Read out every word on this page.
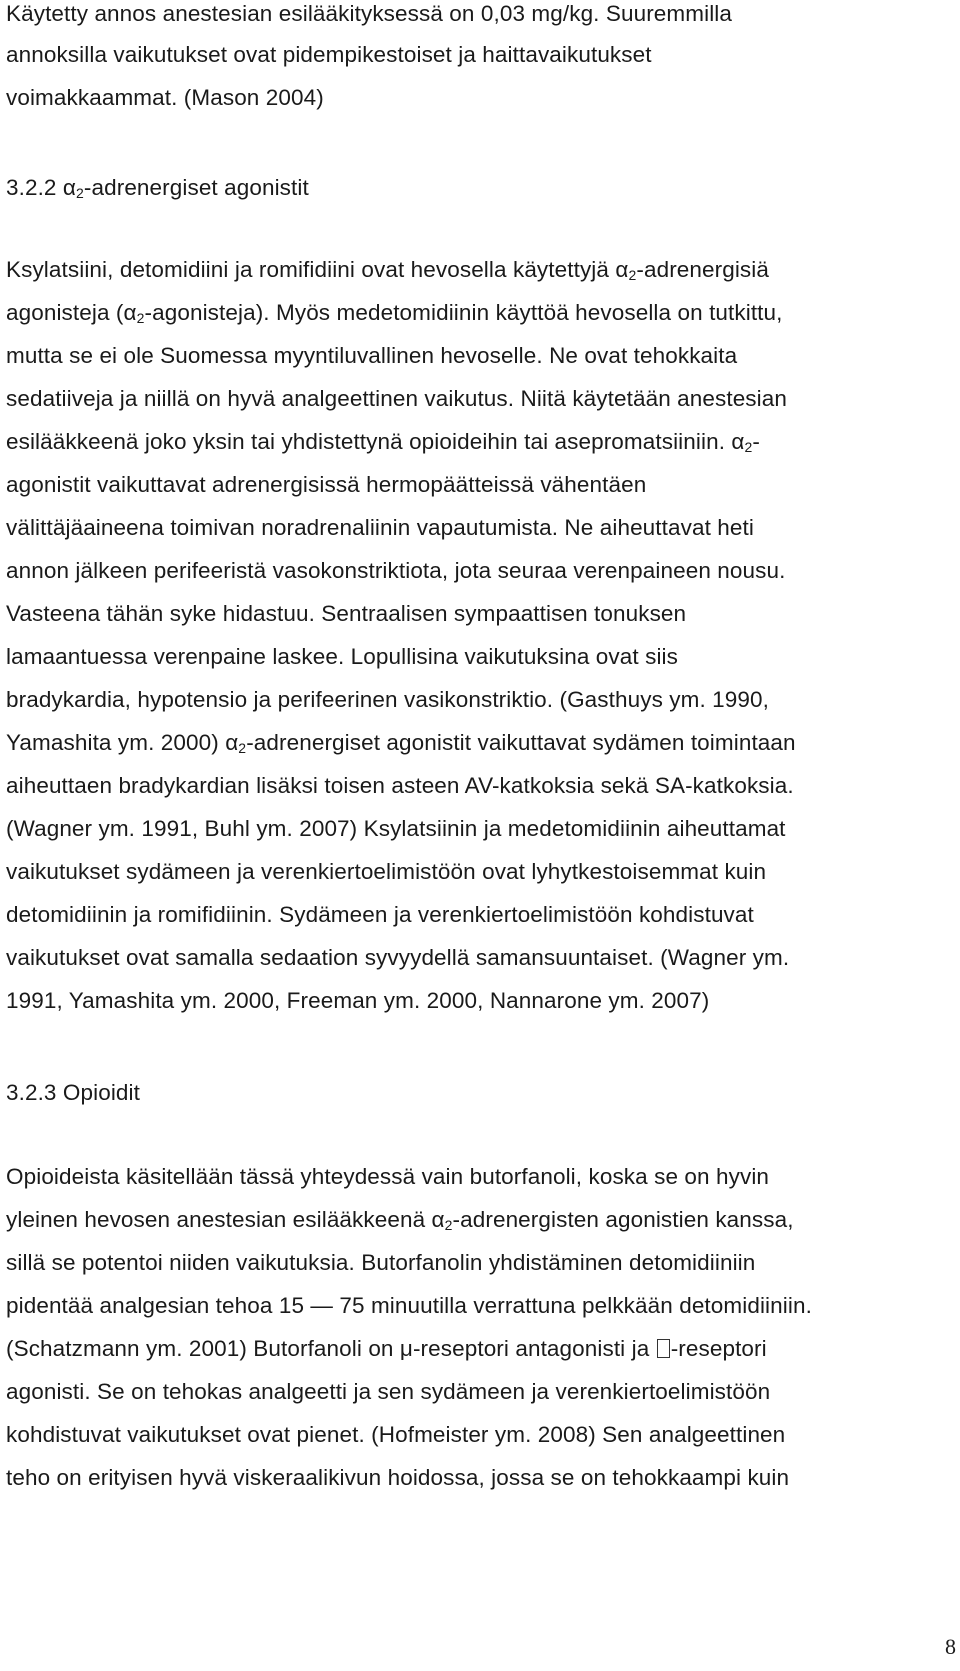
Käytetty annos anestesian esilääkityksessä on 0,03 mg/kg. Suuremmilla
annoksilla vaikutukset ovat pidempikestoiset ja haittavaikutukset
voimakkaammat. (Mason 2004)
3.2.2 $\alpha_2$-adrenergiset agonistit
Ksylatsiini, detomidiini ja romifidiini ovat hevosella käytettyjä $\alpha_2$-adrenergisiä
agonisteja $(\alpha_2-agonisteja)$. Myös medetomidiinin käyttöä hevosella on tutkittu,
mutta se ei ole Suomessa myyntiluvallinen hevoselle. Ne ovat tehokkaita
sedatiiveja ja niillä on hyvä analgeettinen vaikutus. Niitä käytetään anestesian
esilääkkeenä joko yksin tai yhdistettynä opioideihin tai asepromatsiiniin. $\alpha_2-$
agonistit vaikuttavat adrenergisissä hermopäätteissä vähentäen
välittäjäaineena toimivan noradrenaliinin vapautumista. Ne aiheuttavat heti
annon jälkeen perifeeristä vasokonstriktiota, jota seuraa verenpaineen nousu.
Vasteena tähän syke hidastuu. Sentraalisen sympaattisen tonuksen
lamaantuessa verenpaine laskee. Lopullisina vaikutuksina ovat siis
bradykardia, hypotensio ja perifeerinen vasikonstriktio. (Gasthuys ym. 1990,
Yamashita ym. 2000) $\alpha_2$-adrenergiset agonistit vaikuttavat sydämen toimintaan
aiheuttaen bradykardian lisäksi toisen asteen AV-katkoksia sekä SA-katkoksia.
(Wagner ym. 1991, Buhl ym. 2007) Ksylatsiinin ja medetomidiinin aiheuttamat
vaikutukset sydämeen ja verenkiertoelimistöön ovat lyhytkestoisemmat kuin
detomidiinin ja romifidiinin. Sydämeen ja verenkiertoelimistöön kohdistuvat
vaikutukset ovat samalla sedaation syvyydellä samansuuntaiset. (Wagner ym.
1991, Yamashita ym. 2000, Freeman ym. 2000, Nannarone ym. 2007)
3.2.3 Opioidit
Opioideista käsitellään tässä yhteydessä vain butorfanoli, koska se on hyvin
yleinen hevosen anestesian esilääkkeenä $\alpha_2$-adrenergisten agonistien kanssa,
sillä se potentoi niiden vaikutuksia. Butorfanolin yhdistäminen detomidiiniin
pidentää analgesian tehoa 15 — 75 minuutilla verrattuna pelkkään detomidiiniin.
(Schatzmann ym. 2001) Butorfanoli on μ-reseptori antagonisti ja -reseptori
agonisti. Se on tehokas analgeetti ja sen sydämeen ja verenkiertoelimistöön
kohdistuvat vaikutukset ovat pienet. (Hofmeister ym. 2008) Sen analgeettinen
teho on erityisen hyvä viskeraalikivun hoidossa, jossa se on tehokkaampi kuin
8
